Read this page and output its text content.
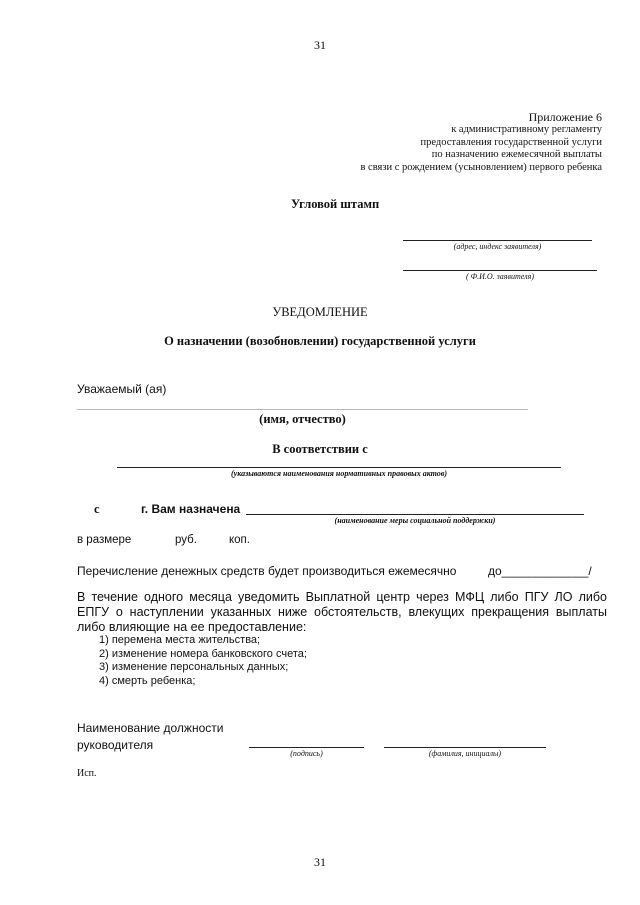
31
Приложение 6
к административному регламенту
предоставления государственной услуги
по назначению ежемесячной выплаты
в связи с рождением (усыновлением) первого ребенка
Угловой штамп
(адрес, индекс заявителя)
( Ф.И.О. заявителя)
УВЕДОМЛЕНИЕ
О назначении (возобновлении) государственной услуги
Уважаемый (ая)
(имя, отчество)
В соответствии с
(указываются наименования нормативных правовых актов)
с	г. Вам назначена
(наименование меры социальной поддержки)
в размере	руб.	коп.
Перечисление денежных средств будет производиться ежемесячно	до_____________/
В течение одного месяца уведомить Выплатной центр через МФЦ либо ПГУ ЛО либо ЕПГУ о наступлении указанных ниже обстоятельств, влекущих прекращения выплаты либо влияющие на ее предоставление:
1) перемена места жительства;
2) изменение номера банковского счета;
3) изменение персональных данных;
4) смерть ребенка;
Наименование должности
руководителя
(подпись)	(фамилия, инициалы)
Исп.
31
